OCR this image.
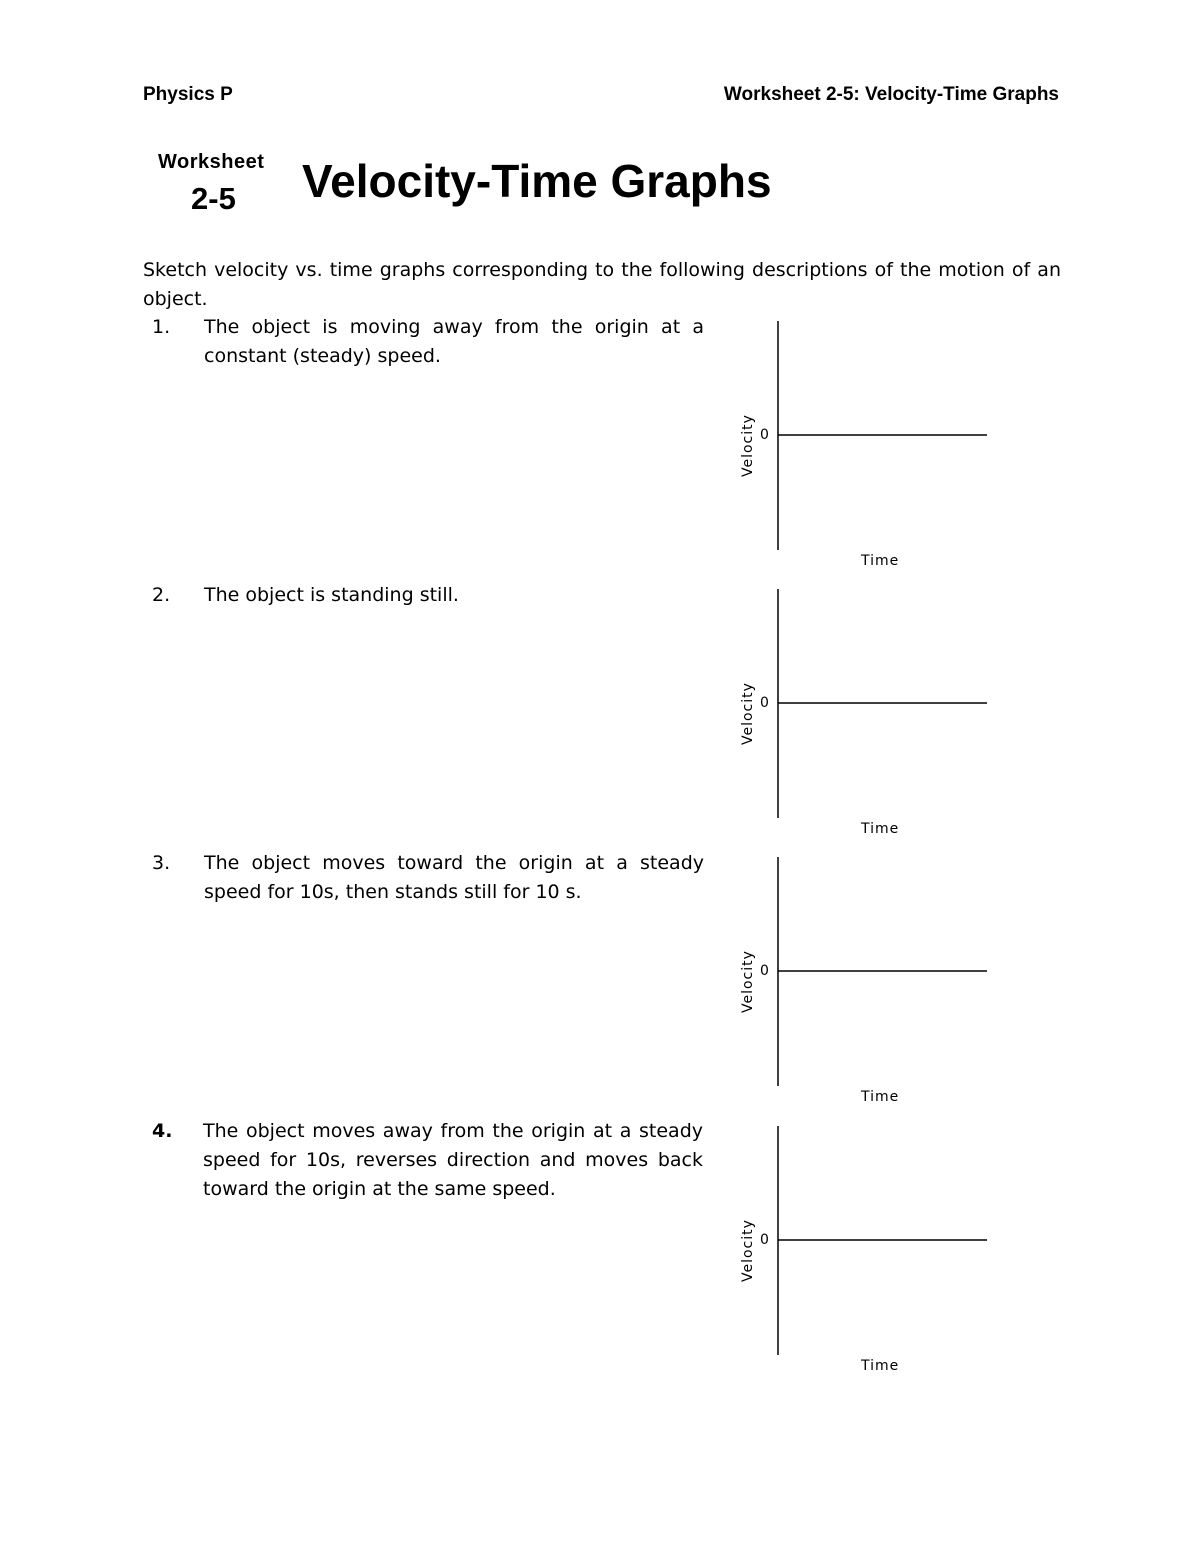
Physics P	Worksheet 2-5: Velocity-Time Graphs
Worksheet
2-5 Velocity-Time Graphs
Sketch velocity vs. time graphs corresponding to the following descriptions of the motion of an object.
1. The object is moving away from the origin at a constant (steady) speed.
2. The object is standing still.
3. The object moves toward the origin at a steady speed for 10s, then stands still for 10 s.
4. The object moves away from the origin at a steady speed for 10s, reverses direction and moves back toward the origin at the same speed.
Velocity 0
Time
Velocity 0
Time
Velocity 0
Time
Velocity 0
Time
